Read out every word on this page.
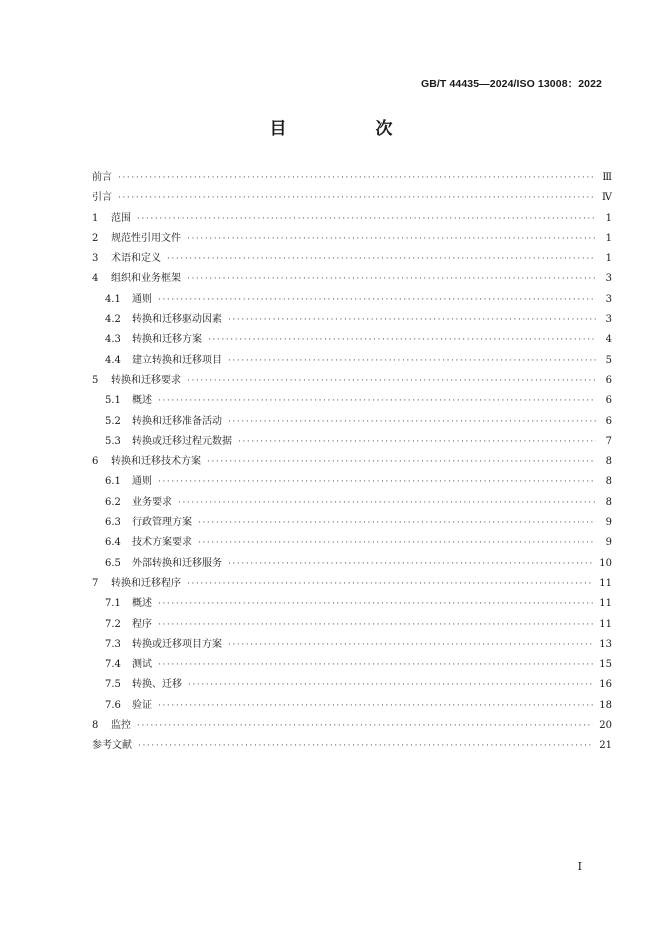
GB/T 44435—2024/ISO 13008：2022
目　次
前言 ·····	Ⅲ
引言 ·····	Ⅳ
1 范围 ·····	1
2 规范性引用文件 ·····	1
3 术语和定义 ·····	1
4 组织和业务框架 ·····	3
4.1 通则 ·····	3
4.2 转换和迁移驱动因素 ·····	3
4.3 转换和迁移方案 ·····	4
4.4 建立转换和迁移项目 ·····	5
5 转换和迁移要求 ·····	6
5.1 概述 ·····	6
5.2 转换和迁移准备活动 ·····	6
5.3 转换或迁移过程元数据 ·····	7
6 转换和迁移技术方案 ·····	8
6.1 通则 ·····	8
6.2 业务要求 ·····	8
6.3 行政管理方案 ·····	9
6.4 技术方案要求 ·····	9
6.5 外部转换和迁移服务 ·····	10
7 转换和迁移程序 ·····	11
7.1 概述 ·····	11
7.2 程序 ·····	11
7.3 转换或迁移项目方案 ·····	13
7.4 测试 ·····	15
7.5 转换、迁移 ·····	16
7.6 验证 ·····	18
8 监控 ·····	20
参考文献 ·····	21
I
